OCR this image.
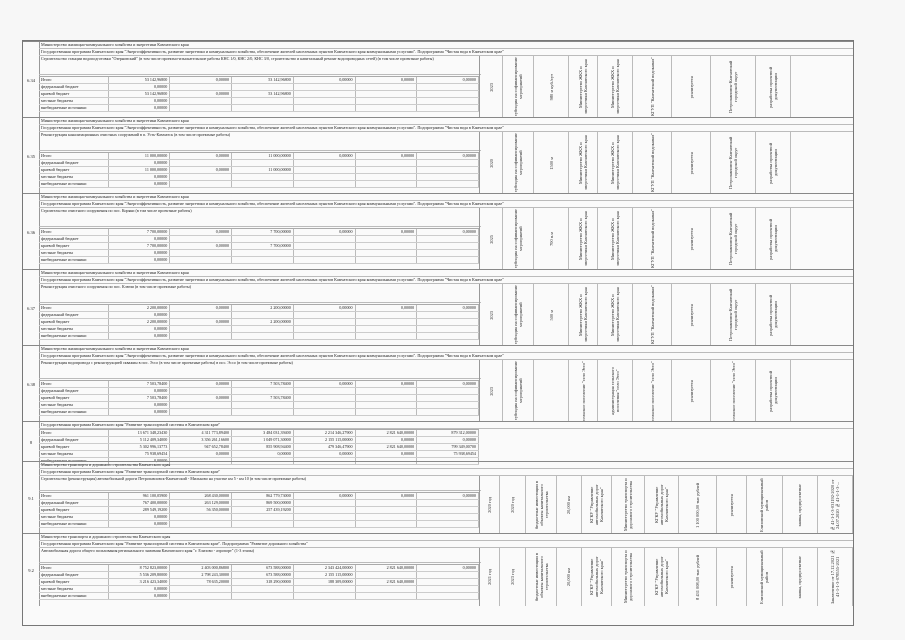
6.34
Министерство жилищно-коммунального хозяйства и энергетики Камчатского края
Государственная программа Камчатского края "Энергоэффективность, развитие энергетики и коммунального хозяйства, обеспечение жителей населенных пунктов Камчатского края коммунальными услугами". Подпрограмма "Чистая вода в Камчатском крае"
Строительство станции водоподготовки "Озерновский" (в том числе проектно-изыскательские работы КНС 1/0, КНС 2/0, КНС 3/0, строительство и капитальный ремонт водопроводных сетей) (в том числе проектные работы)
Итого	53 142,96800	0,00000	53 142,96800	0,00000	0,00000	0,00000
федеральный бюджет	0,00000
краевой бюджет	53 142,96800	0,00000	53 142,96800
местные бюджеты	0,00000
внебюджетные источники	0,00000
2023	субсидия на софинансирование мероприятий	980 м куб./сут	Министерство ЖКХ и энергетики Камчатского края	Министерство ЖКХ и энергетики Камчатского края	КГУП "Камчатский водоканал"	реализуется	Петропавловск-Камчатский городской округ	разработка проектной документации
6.35
Министерство жилищно-коммунального хозяйства и энергетики Камчатского края
Государственная программа Камчатского края "Энергоэффективность, развитие энергетики и коммунального хозяйства, обеспечение жителей населенных пунктов Камчатского края коммунальными услугами". Подпрограмма "Чистая вода в Камчатском крае"
Реконструкция канализационных очистных сооружений в п. Усть-Камчатск (в том числе проектные работы)
Итого	11 000,00000	0,00000	11 000,00000	0,00000	0,00000	0,00000
федеральный бюджет	0,00000
краевой бюджет	11 000,00000	0,00000	11 000,00000
местные бюджеты	0,00000
внебюджетные источники	0,00000
2020	субсидия на софинансирование мероприятий	1500 м	Министерство ЖКХ и энергетики Камчатского края	Министерство ЖКХ и энергетики Камчатского края	КГУП "Камчатский водоканал"	реализуется	Петропавловск-Камчатский городской округ	разработка проектной документации
6.36
Министерство жилищно-коммунального хозяйства и энергетики Камчатского края
Государственная программа Камчатского края "Энергоэффективность, развитие энергетики и коммунального хозяйства, обеспечение жителей населенных пунктов Камчатского края коммунальными услугами". Подпрограмма "Чистая вода в Камчатском крае"
Строительство очистного сооружения по пос. Коряки (в том числе проектные работы)
Итого	7 700,00000	0,00000	7 700,00000	0,00000	0,00000	0,00000
федеральный бюджет	0,00000
краевой бюджет	7 700,00000	0,00000	7 700,00000
местные бюджеты	0,00000
внебюджетные источники	0,00000
2025	субсидия на софинансирование мероприятий	700 п.м	Министерство ЖКХ и энергетики Камчатского края	Министерство ЖКХ и энергетики Камчатского края	КГУП "Камчатский водоканал"	реализуется	Петропавловск-Камчатский городской округ	разработка проектной документации
6.37
Министерство жилищно-коммунального хозяйства и энергетики Камчатского края
Государственная программа Камчатского края "Энергоэффективность, развитие энергетики и коммунального хозяйства, обеспечение жителей населенных пунктов Камчатского края коммунальными услугами". Подпрограмма "Чистая вода в Камчатском крае"
Реконструкция очистного сооружения по пос. Ключи (в том числе проектные работы)
Итого	2 200,00000	0,00000	2 200,00000	0,00000	0,00000	0,00000
федеральный бюджет	0,00000
краевой бюджет	2 200,00000	0,00000	2 200,00000
местные бюджеты	0,00000
внебюджетные источники	0,00000
2023	субсидия на софинансирование мероприятий	500 м	Министерство ЖКХ и энергетики Камчатского края	Министерство ЖКХ и энергетики Камчатского края	КГУП "Камчатский водоканал"	реализуется	Петропавловск-Камчатский городской округ	разработка проектной документации
6.38
Министерство жилищно-коммунального хозяйства и энергетики Камчатского края
Государственная программа Камчатского края "Энергоэффективность, развитие энергетики и коммунального хозяйства, обеспечение жителей населенных пунктов Камчатского края коммунальными услугами". Подпрограмма "Чистая вода в Камчатском крае"
Реконструкция водопровода с реконструкцией скважин в пос. Эссо (в том числе проектные работы) в пос. Эссо (в том числе проектные работы)
Итого	7 503,78400	0,00000	7 503,78400	0,00000	0,00000	0,00000
федеральный бюджет	0,00000
краевой бюджет	7 503,78400	0,00000	7 503,78400
местные бюджеты	0,00000
внебюджетные источники	0,00000
2023	субсидия на софинансирование мероприятий	сельское поселение "село Эссо"	администрация сельского поселения "село Эссо"	сельское поселение "село Эссо"	реализуется	сельское поселение "село Эссо"	разработка проектной документации
8
Государственная программа Камчатского края "Развитие транспортной системы в Камчатском крае"
Итого	13 671 348,23430	4 311 773,89400	3 484 031,39400	2 214 346,27900	2 821 640,00000	879 312,00000
федеральный бюджет	5 112 409,34000	3 356 261,16600	1 049 071,30000	2 155 115,00000	0,00000	0,00000
краевой бюджет	5 302 996,13773	947 652,78400	855 908,94400	479 346,47900	2 821 640,00000	799 349,00700
местные бюджеты	75 938,69454	0,00000	0,00000	0,00000	0,00000	75 938,69454
внебюджетные источники	0,00000
9.1
Министерство транспорта и дорожного строительства Камчатского края
Государственная программа Камчатского края "Развитие транспортной системы в Камчатском крае"
Строительство (реконструкция) автомобильной дороги Петропавловск-Камчатский - Мильково на участке км 5 - км 10 (в том числе проектные работы)
Итого	961 100,05900	268 430,00000	862 779,73000	0,00000	0,00000	0,00000
федеральный бюджет	767 400,00000	263 129,00000	869 500,00000
краевой бюджет	289 549,19200	56 350,00000	257 439,19200
местные бюджеты	0,00000
внебюджетные источники	0,00000
2020 год	2020 год	бюджетные инвестиции в объекты капитального строительства	20,000 км	КГКУ "Управление автомобильных дорог Камчатского края"	Министерство транспорта и дорожного строительства	КГКУ "Управление автомобильных дорог Камчатского края"	1 100 000,00 тыс рублей	реализуется	Елизовский муниципальный район	заявка, предпроектные	№ 41-1-1-3-031192-2020 от 24.07.2020 № 41-1-1-3-...
9.2
Министерство транспорта и дорожного строительства Камчатского края
Государственная программа Камчатского края "Развитие транспортной системы в Камчатском крае". Подпрограмма "Развитие дорожного хозяйства"
Автомобильная дорога общего пользования регионального значения Камчатского края "г. Елизово - аэропорт" (1-3 этапы)
Итого	8 752 823,00000	2 403 000,86800	673 588,00000	2 343 424,00000	2 821 640,00000	0,00000
федеральный бюджет	5 536 209,80000	2 798 243,30000	673 588,00000	2 155 115,00000
краевой бюджет	3 216 423,34000	78 635,20000	318 290,00000	188 309,00000	2 821 640,00000
местные бюджеты	0,00000
внебюджетные источники	0,00000
2021 год	2023 год	бюджетные инвестиции в объекты капитального строительства	20,000 км	КГКУ "Управление автомобильных дорог Камчатского края"	Министерство транспорта и дорожного строительства	КГКУ "Управление автомобильных дорог Камчатского края"	8 431 008,00 тыс рублей	реализуется	Елизовский муниципальный район	заявка, предпроектные	Заключение от 17.12.2021 № 41-1-1-3-078555-2021
